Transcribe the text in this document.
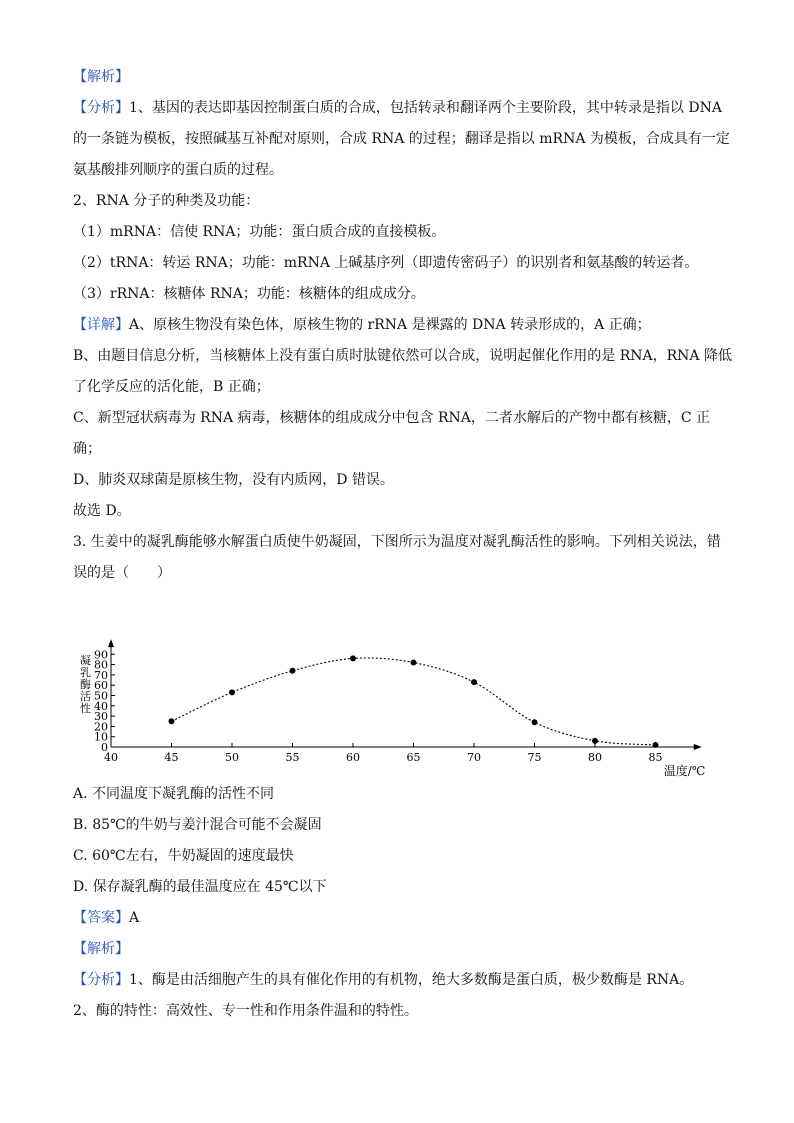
【解析】

【分析】1、基因的表达即基因控制蛋白质的合成，包括转录和翻译两个主要阶段，其中转录是指以 DNA

的一条链为模板，按照碱基互补配对原则，合成 RNA 的过程；翻译是指以 mRNA 为模板，合成具有一定

氨基酸排列顺序的蛋白质的过程。

2、RNA 分子的种类及功能：

（1）mRNA：信使 RNA；功能：蛋白质合成的直接模板。

（2）tRNA：转运 RNA；功能：mRNA 上碱基序列（即遗传密码子）的识别者和氨基酸的转运者。

（3）rRNA：核糖体 RNA；功能：核糖体的组成成分。

【详解】A、原核生物没有染色体，原核生物的 rRNA 是裸露的 DNA 转录形成的，A 正确；

B、由题目信息分析，当核糖体上没有蛋白质时肽键依然可以合成，说明起催化作用的是 RNA，RNA 降低

了化学反应的活化能，B 正确；

C、新型冠状病毒为 RNA 病毒，核糖体的组成成分中包含 RNA，二者水解后的产物中都有核糖，C 正

确；

D、肺炎双球菌是原核生物，没有内质网，D 错误。

故选 D。

3. 生姜中的凝乳酶能够水解蛋白质使牛奶凝固，下图所示为温度对凝乳酶活性的影响。下列相关说法，错

误的是（　　）

0
10
20
30
40
50
60
70
80
90
40	45	50	55	60	65	70	75	80	85
温度/℃
凝乳酶活性

A. 不同温度下凝乳酶的活性不同

B. 85℃的牛奶与姜汁混合可能不会凝固

C. 60℃左右，牛奶凝固的速度最快

D. 保存凝乳酶的最佳温度应在 45℃以下

【答案】A

【解析】

【分析】1、酶是由活细胞产生的具有催化作用的有机物，绝大多数酶是蛋白质，极少数酶是 RNA。

2、酶的特性：高效性、专一性和作用条件温和的特性。
